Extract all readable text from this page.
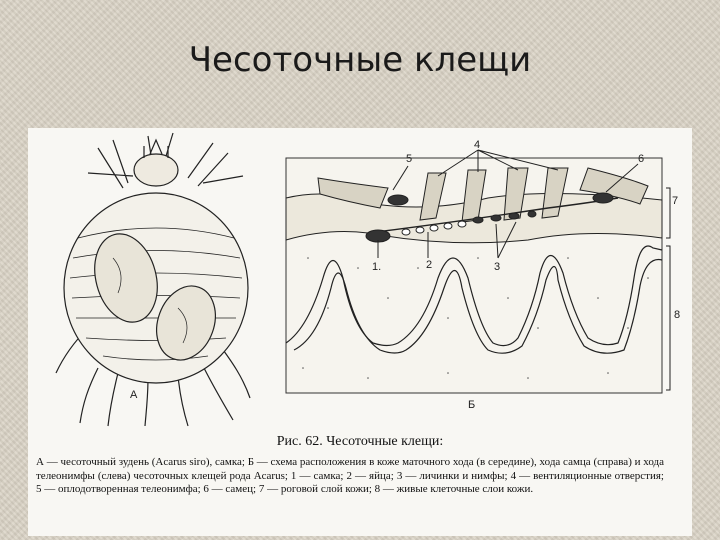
Чесоточные клещи
А
5
4
6
7
8
1.	2	3
Б
Рис. 62. Чесоточные клещи:
А — чесоточный зудень (Acarus siro), самка; Б — схема расположения в коже маточного хода (в середине), хода самца (справа) и хода телеонимфы (слева) чесоточных клещей рода Acarus; 1 — самка; 2 — яйца; 3 — личинки и нимфы; 4 — вентиляционные отверстия; 5 — оплодотворенная телеонимфа; 6 — самец; 7 — роговой слой кожи; 8 — живые клеточные слои кожи.
